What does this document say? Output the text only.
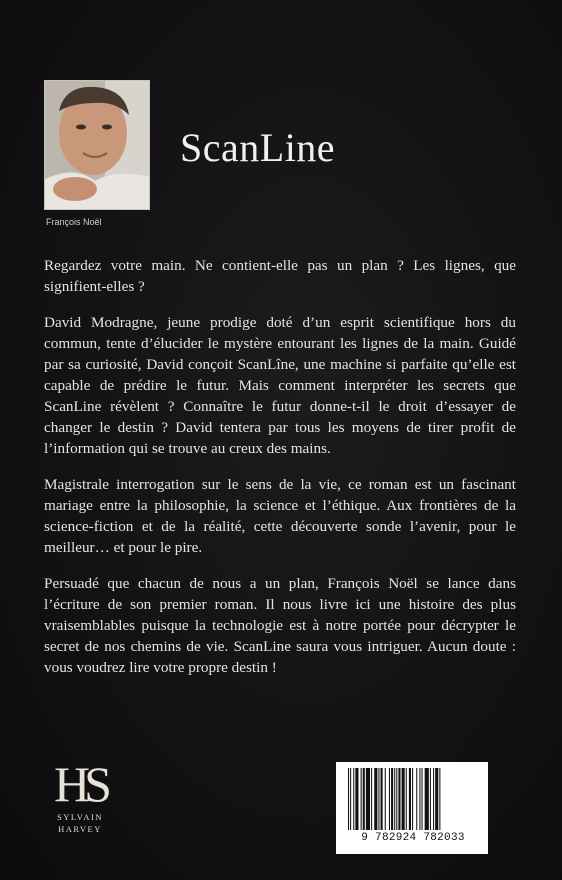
François Noël
ScanLine

Regardez votre main. Ne contient-elle pas un plan ? Les lignes, que signifient-elles ?

David Modragne, jeune prodige doté d’un esprit scientifique hors du commun, tente d’élucider le mystère entourant les lignes de la main. Guidé par sa curiosité, David conçoit ScanLîne, une machine si parfaite qu’elle est capable de prédire le futur. Mais comment interpréter les secrets que ScanLine révèlent ? Connaître le futur donne-t-il le droit d’essayer de changer le destin ? David tentera par tous les moyens de tirer profit de l’information qui se trouve au creux des mains.

Magistrale interrogation sur le sens de la vie, ce roman est un fascinant mariage entre la philosophie, la science et l’éthique. Aux frontières de la science-fiction et de la réalité, cette découverte sonde l’avenir, pour le meilleur… et pour le pire.

Persuadé que chacun de nous a un plan, François Noël se lance dans l’écriture de son premier roman. Il nous livre ici une histoire des plus vraisemblables puisque la technologie est à notre portée pour décrypter le secret de nos chemins de vie. ScanLine saura vous intriguer. Aucun doute : vous voudrez lire votre propre destin !

HS
SYLVAIN
HARVEY
9 782924 782033
